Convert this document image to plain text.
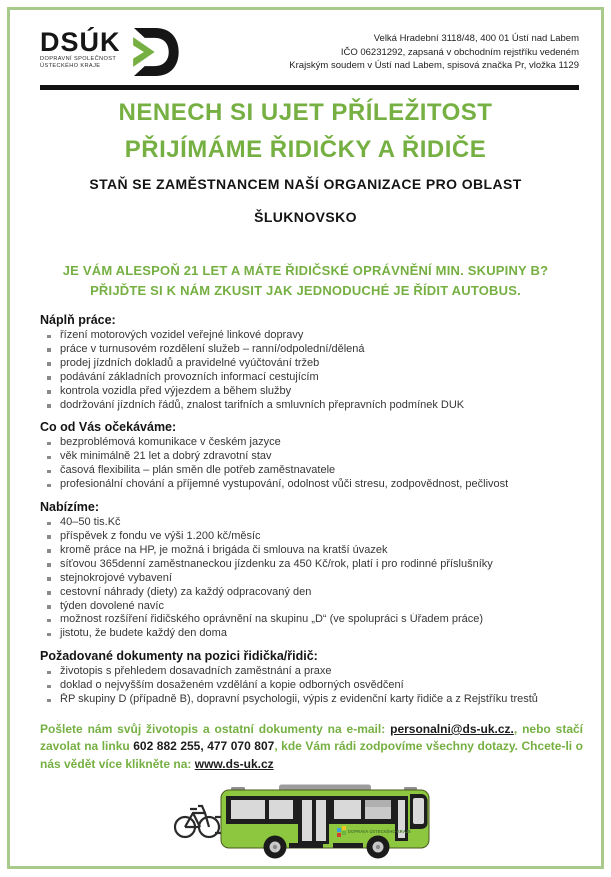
DSÚK
DOPRAVNÍ SPOLEČNOST
ÚSTECKÉHO KRAJE
Velká Hradební 3118/48, 400 01 Ústí nad Labem
IČO 06231292, zapsaná v obchodním rejstříku vedeném
Krajským soudem v Ústí nad Labem, spisová značka Pr, vložka 1129
NENECH SI UJET PŘÍLEŽITOST
PŘIJÍMÁME ŘIDIČKY A ŘIDIČE
STAŇ SE ZAMĚSTNANCEM NAŠÍ ORGANIZACE PRO OBLAST
ŠLUKNOVSKO
JE VÁM ALESPOŇ 21 LET A MÁTE ŘIDIČSKÉ OPRÁVNĚNÍ MIN. SKUPINY B?
PŘIJĎTE SI K NÁM ZKUSIT JAK JEDNODUCHÉ JE ŘÍDIT AUTOBUS.
Náplň práce:
řízení motorových vozidel veřejné linkové dopravy
práce v turnusovém rozdělení služeb – ranní/odpolední/dělená
prodej jízdních dokladů a pravidelné vyúčtování tržeb
podávání základních provozních informací cestujícím
kontrola vozidla před výjezdem a během služby
dodržování jízdních řádů, znalost tarifních a smluvních přepravních podmínek DUK
Co od Vás očekáváme:
bezproblémová komunikace v českém jazyce
věk minimálně 21 let a dobrý zdravotní stav
časová flexibilita – plán směn dle potřeb zaměstnavatele
profesionální chování a příjemné vystupování, odolnost vůči stresu, zodpovědnost, pečlivost
Nabízíme:
40–50 tis.Kč
příspěvek z fondu ve výši 1.200 kč/měsíc
kromě práce na HP, je možná i brigáda či smlouva na kratší úvazek
síťovou 365denní zaměstnaneckou jízdenku za 450 Kč/rok, platí i pro rodinné příslušníky
stejnokrojové vybavení
cestovní náhrady (diety) za každý odpracovaný den
týden dovolené navíc
možnost rozšíření řidičského oprávnění na skupinu „D“ (ve spolupráci s Úřadem práce)
jistotu, že budete každý den doma
Požadované dokumenty na pozici řidička/řidič:
životopis s přehledem dosavadních zaměstnání a praxe
doklad o nejvyšším dosaženém vzdělání a kopie odborných osvědčení
ŘP skupiny D (případně B), dopravní psychologii, výpis z evidenční karty řidiče a z Rejstříku trestů

Pošlete nám svůj životopis a ostatní dokumenty na e-mail: personalni@ds-uk.cz., nebo stačí zavolat na linku 602 882 255, 477 070 807, kde Vám rádi zodpovíme všechny dotazy. Chcete-li o nás vědět více klikněte na: www.ds-uk.cz

DOPRAVA ÚSTECKÉHO KRAJE
